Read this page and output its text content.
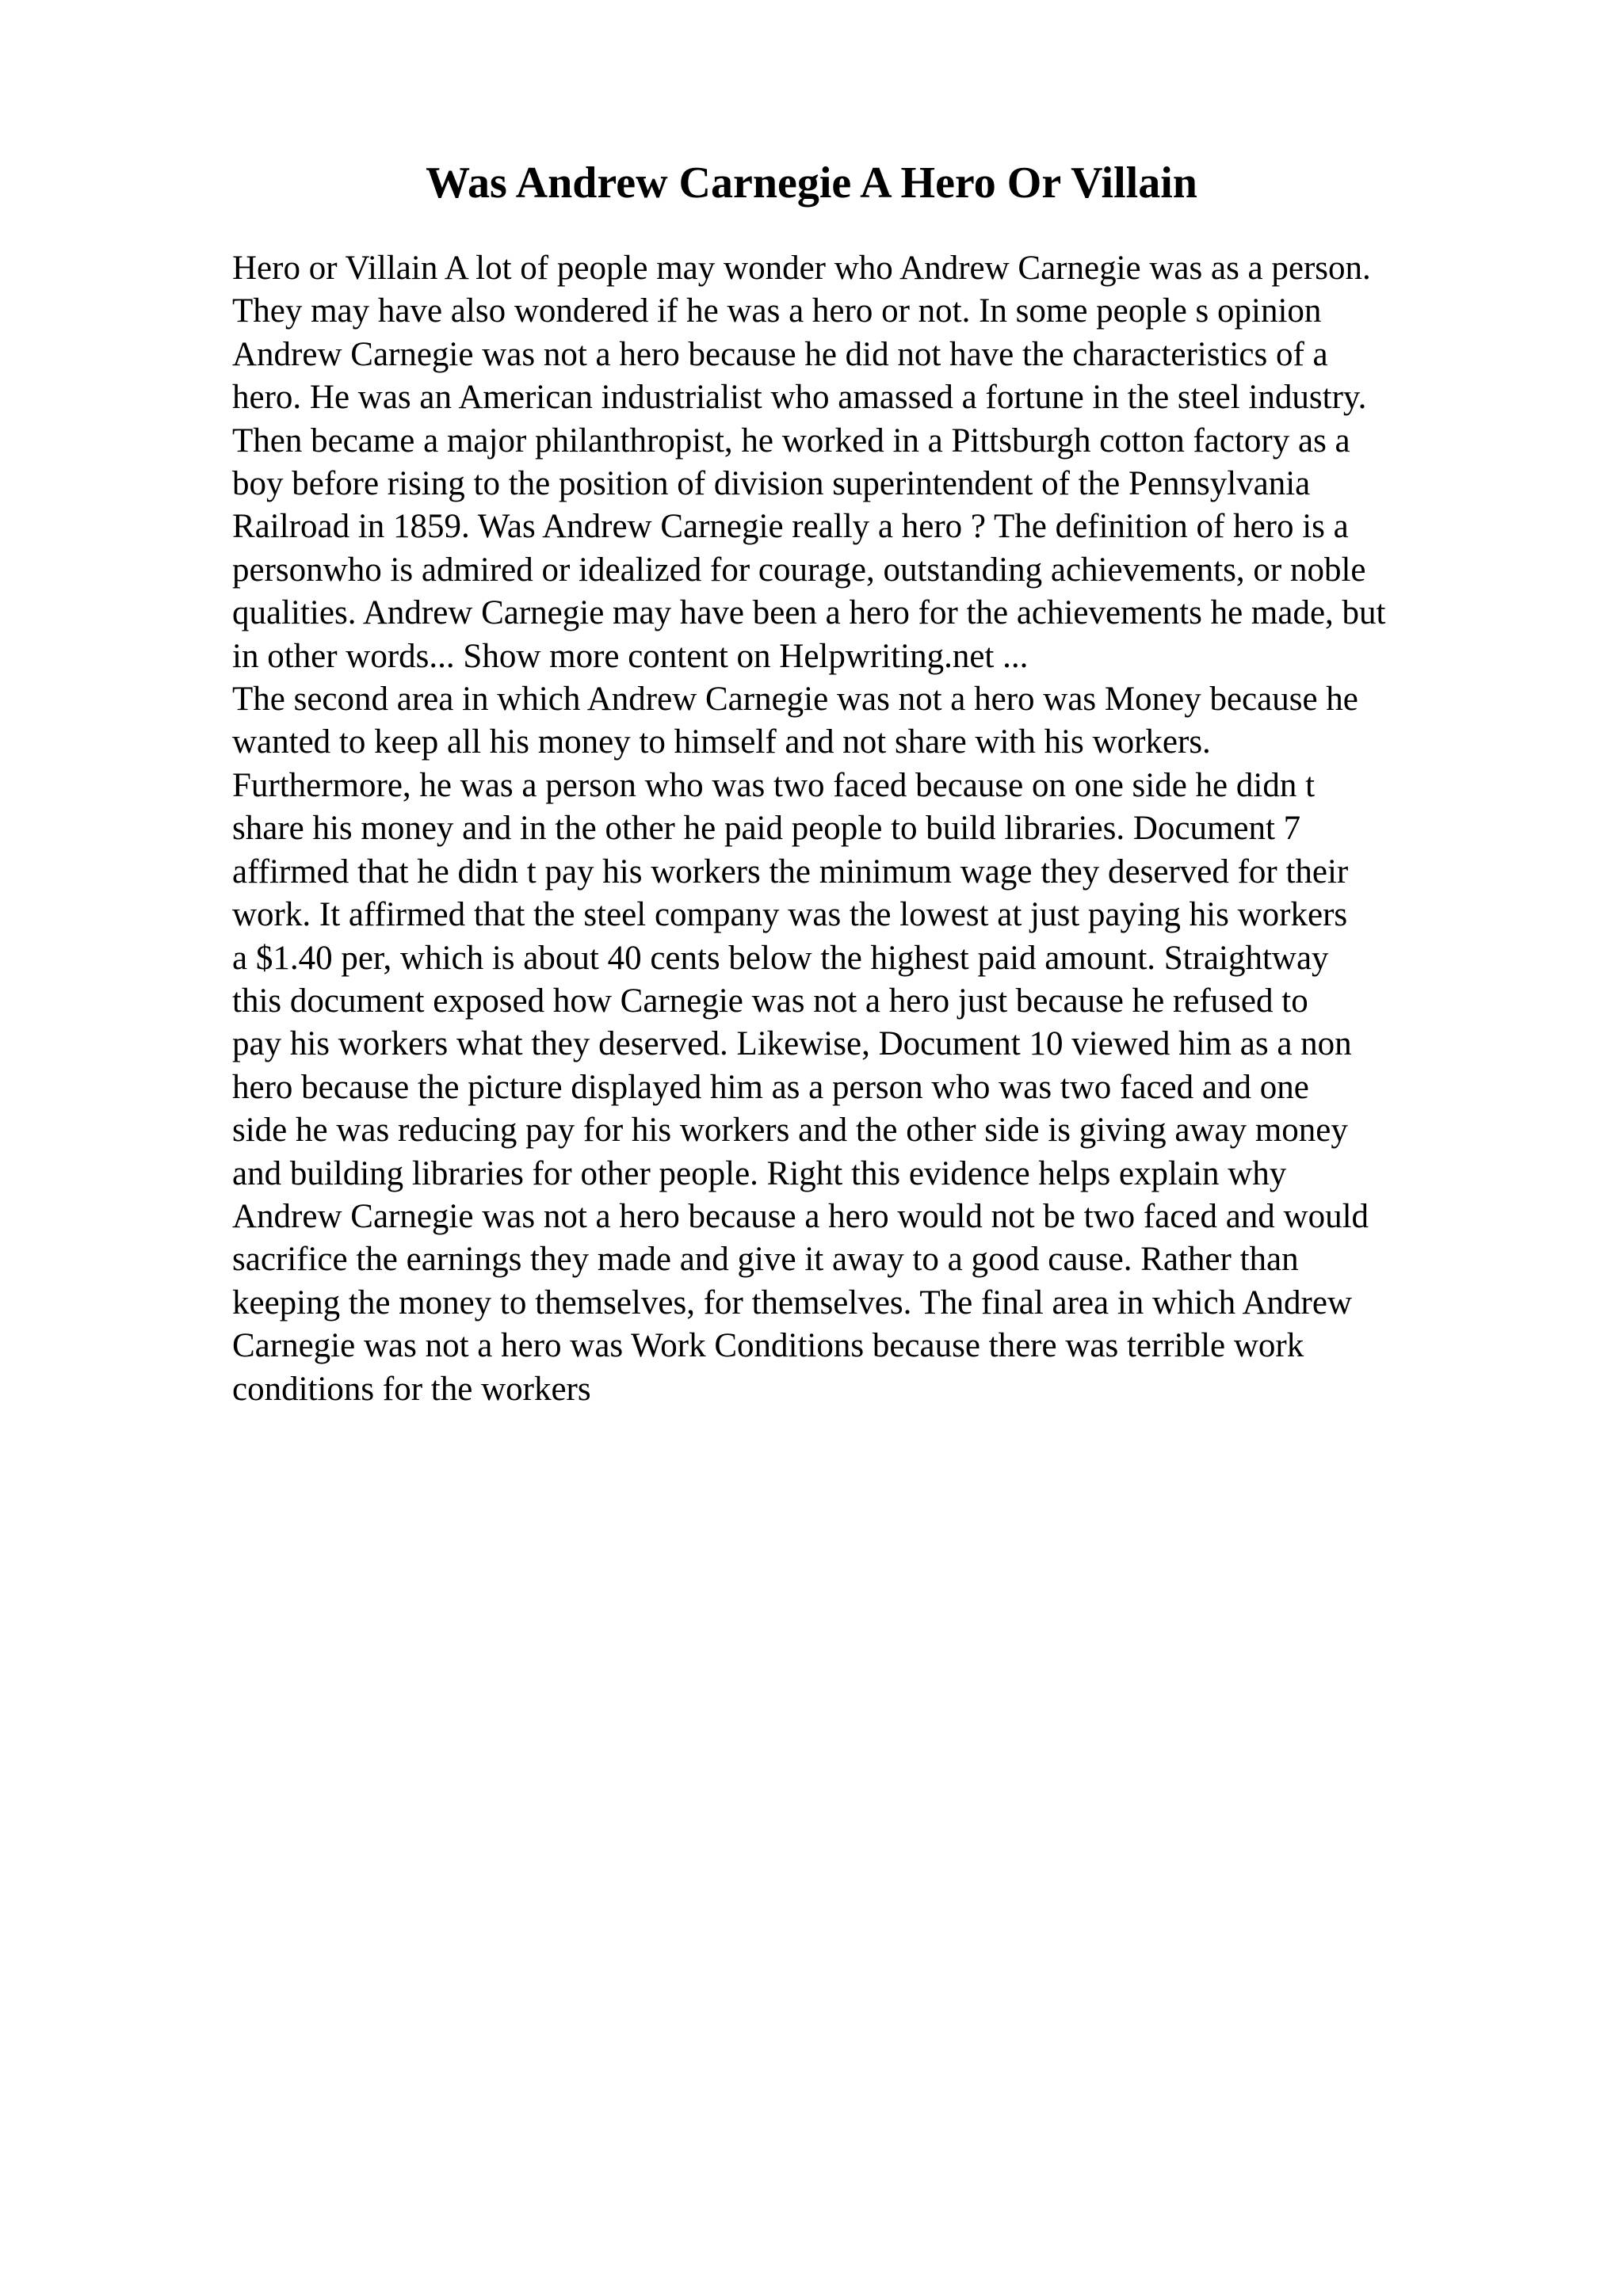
Was Andrew Carnegie A Hero Or Villain
Hero or Villain A lot of people may wonder who Andrew Carnegie was as a person.
They may have also wondered if he was a hero or not. In some people s opinion
Andrew Carnegie was not a hero because he did not have the characteristics of a
hero. He was an American industrialist who amassed a fortune in the steel industry.
Then became a major philanthropist, he worked in a Pittsburgh cotton factory as a
boy before rising to the position of division superintendent of the Pennsylvania
Railroad in 1859. Was Andrew Carnegie really a hero ? The definition of hero is a
personwho is admired or idealized for courage, outstanding achievements, or noble
qualities. Andrew Carnegie may have been a hero for the achievements he made, but
in other words... Show more content on Helpwriting.net ...
The second area in which Andrew Carnegie was not a hero was Money because he
wanted to keep all his money to himself and not share with his workers.
Furthermore, he was a person who was two faced because on one side he didn t
share his money and in the other he paid people to build libraries. Document 7
affirmed that he didn t pay his workers the minimum wage they deserved for their
work. It affirmed that the steel company was the lowest at just paying his workers
a $1.40 per, which is about 40 cents below the highest paid amount. Straightway
this document exposed how Carnegie was not a hero just because he refused to
pay his workers what they deserved. Likewise, Document 10 viewed him as a non
hero because the picture displayed him as a person who was two faced and one
side he was reducing pay for his workers and the other side is giving away money
and building libraries for other people. Right this evidence helps explain why
Andrew Carnegie was not a hero because a hero would not be two faced and would
sacrifice the earnings they made and give it away to a good cause. Rather than
keeping the money to themselves, for themselves. The final area in which Andrew
Carnegie was not a hero was Work Conditions because there was terrible work
conditions for the workers
